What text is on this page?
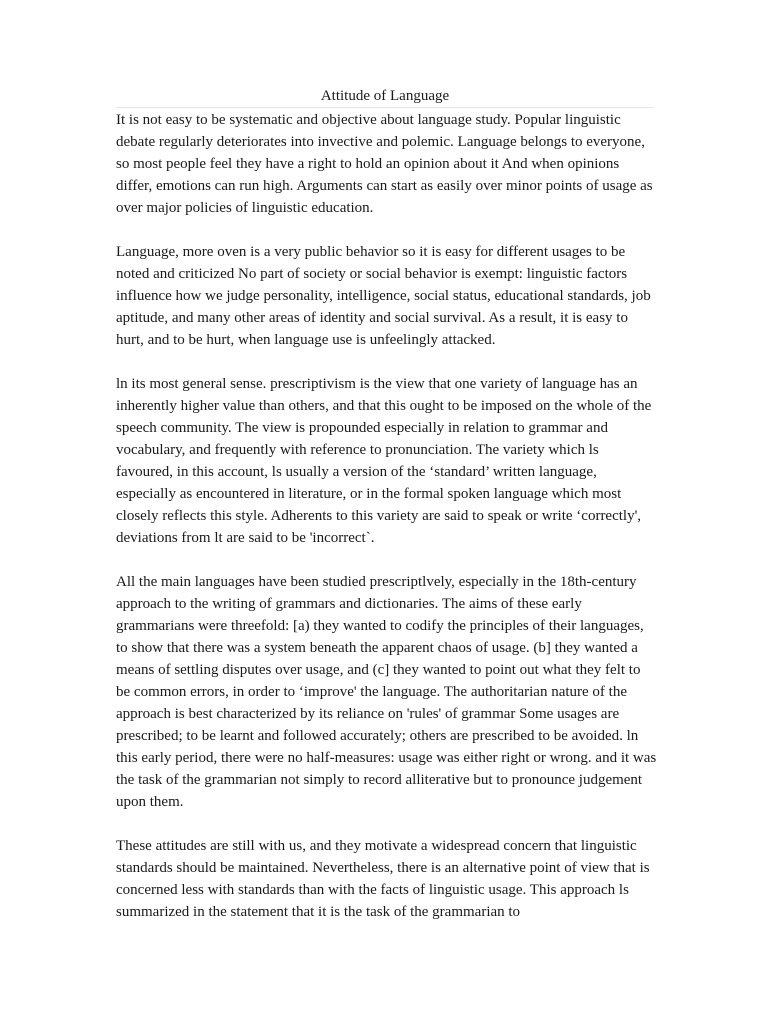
Attitude of Language

It is not easy to be systematic and objective about language study. Popular linguistic debate regularly deteriorates into invective and polemic. Language belongs to everyone, so most people feel they have a right to hold an opinion about it And when opinions differ, emotions can run high. Arguments can start as easily over minor points of usage as over major policies of linguistic education.

Language, more oven is a very public behavior so it is easy for different usages to be noted and criticized No part of society or social behavior is exempt: linguistic factors influence how we judge personality, intelligence, social status, educational standards, job aptitude, and many other areas of identity and social survival. As a result, it is easy to hurt, and to be hurt, when language use is unfeelingly attacked.

ln its most general sense. prescriptivism is the view that one variety of language has an inherently higher value than others, and that this ought to be imposed on the whole of the speech community. The view is propounded especially in relation to grammar and vocabulary, and frequently with reference to pronunciation. The variety which ls favoured, in this account, ls usually a version of the ‘standard’ written language, especially as encountered in literature, or in the formal spoken language which most closely reflects this style. Adherents to this variety are said to speak or write ‘correctly', deviations from lt are said to be 'incorrect`.

All the main languages have been studied prescriptlvely, especially in the 18th-century approach to the writing of grammars and dictionaries. The aims of these early grammarians were threefold: [a) they wanted to codify the principles of their languages, to show that there was a system beneath the apparent chaos of usage. (b] they wanted a means of settling disputes over usage, and (c] they wanted to point out what they felt to be common errors, in order to ‘improve' the language. The authoritarian nature of the approach is best characterized by its reliance on 'rules' of grammar Some usages are prescribed; to be learnt and followed accurately; others are prescribed to be avoided. ln this early period, there were no half-measures: usage was either right or wrong. and it was the task of the grammarian not simply to record alliterative but to pronounce judgement upon them.

These attitudes are still with us, and they motivate a widespread concern that linguistic standards should be maintained. Nevertheless, there is an alternative point of view that is concerned less with standards than with the facts of linguistic usage. This approach ls summarized in the statement that it is the task of the grammarian to
